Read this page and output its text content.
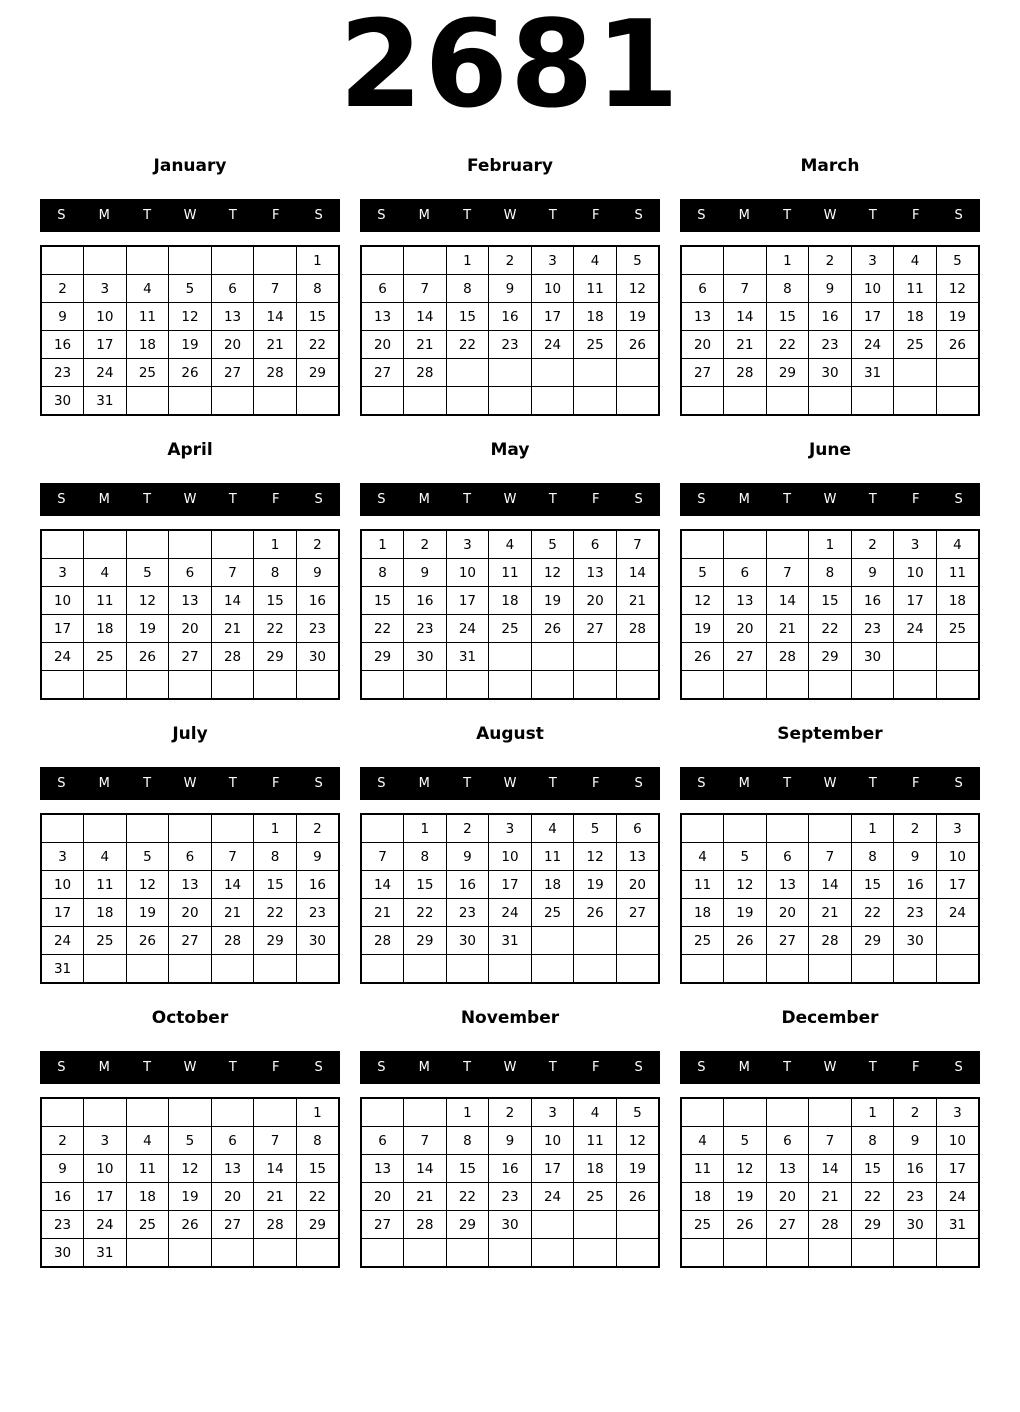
2681
January
S	M	T	W	T	F	S
						1
2	3	4	5	6	7	8
9	10	11	12	13	14	15
16	17	18	19	20	21	22
23	24	25	26	27	28	29
30	31					
February
S	M	T	W	T	F	S
		1	2	3	4	5
6	7	8	9	10	11	12
13	14	15	16	17	18	19
20	21	22	23	24	25	26
27	28					

March
S	M	T	W	T	F	S
		1	2	3	4	5
6	7	8	9	10	11	12
13	14	15	16	17	18	19
20	21	22	23	24	25	26
27	28	29	30	31		

April
S	M	T	W	T	F	S
					1	2
3	4	5	6	7	8	9
10	11	12	13	14	15	16
17	18	19	20	21	22	23
24	25	26	27	28	29	30

May
S	M	T	W	T	F	S
1	2	3	4	5	6	7
8	9	10	11	12	13	14
15	16	17	18	19	20	21
22	23	24	25	26	27	28
29	30	31				

June
S	M	T	W	T	F	S
			1	2	3	4
5	6	7	8	9	10	11
12	13	14	15	16	17	18
19	20	21	22	23	24	25
26	27	28	29	30		

July
S	M	T	W	T	F	S
					1	2
3	4	5	6	7	8	9
10	11	12	13	14	15	16
17	18	19	20	21	22	23
24	25	26	27	28	29	30
31						
August
S	M	T	W	T	F	S
	1	2	3	4	5	6
7	8	9	10	11	12	13
14	15	16	17	18	19	20
21	22	23	24	25	26	27
28	29	30	31			

September
S	M	T	W	T	F	S
				1	2	3
4	5	6	7	8	9	10
11	12	13	14	15	16	17
18	19	20	21	22	23	24
25	26	27	28	29	30	

October
S	M	T	W	T	F	S
						1
2	3	4	5	6	7	8
9	10	11	12	13	14	15
16	17	18	19	20	21	22
23	24	25	26	27	28	29
30	31					
November
S	M	T	W	T	F	S
		1	2	3	4	5
6	7	8	9	10	11	12
13	14	15	16	17	18	19
20	21	22	23	24	25	26
27	28	29	30			

December
S	M	T	W	T	F	S
				1	2	3
4	5	6	7	8	9	10
11	12	13	14	15	16	17
18	19	20	21	22	23	24
25	26	27	28	29	30	31
